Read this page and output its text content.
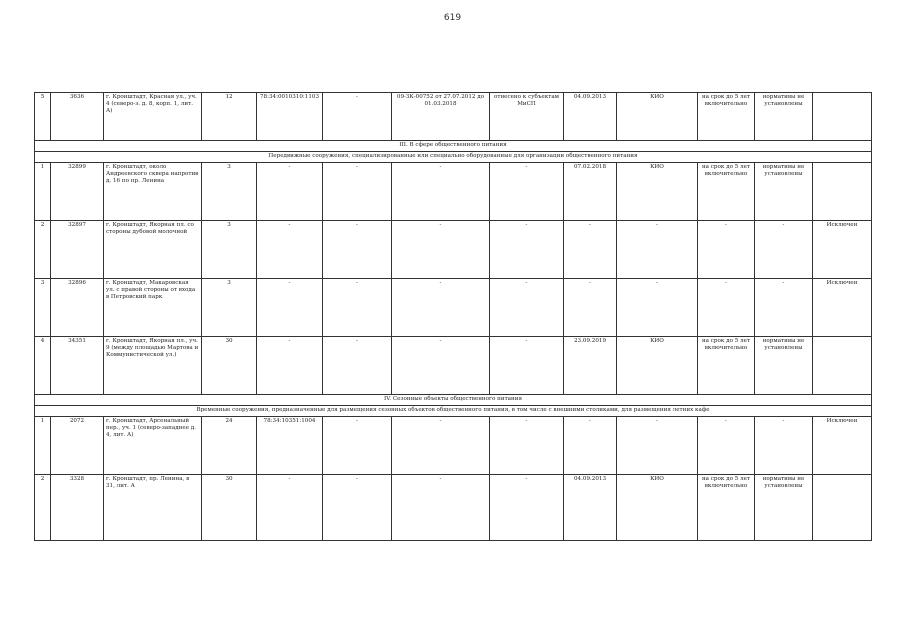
619
5	3636	г. Кронштадт, Красная ул., уч. 4 (северо-з. д. 8, корп. 1, лит. А)	12	78:34:0010310:1103	-	09-ЗК-00752 от 27.07.2012 до 01.03.2018	отнесено к субъектам МиСП	04.09.2013	КИО	на срок до 5 лет включительно	нормативы не установлены	
III. В сфере общественного питания												
Передвижные сооружения, специализированные или специально оборудованные для организации общественного питания												
1	32899	г. Кронштадт, около Андреевского сквера напротив д. 16 по пр. Ленина	3	-	-	-	-	07.02.2018	КИО	на срок до 5 лет включительно	нормативы не установлены	
2	32897	г. Кронштадт, Якорная пл. со стороны дубовой молочной	3	-	-	-	-	-	-	-	-	Исключен
3	32896	г. Кронштадт, Макаровская ул. с правой стороны от входа в Петровский парк	3	-	-	-	-	-	-	-	-	Исключен
4	34351	г. Кронштадт, Якорная пл., уч. 9 (между площадью Мартова и Коммунистической ул.)	30	-	-	-	-	23.09.2019	КИО	на срок до 5 лет включительно	нормативы не установлены	
IV. Сезонные объекты общественного питания												
Временные сооружения, предназначенные для размещения сезонных объектов общественного питания, в том числе с внешними столиками, для размещения летних кафе												
1	2072	г. Кронштадт, Арсенальный пер., уч. 1 (северо-западнее д. 4, лит. А)	24	78:34:10351:1004	-	-	-	-	-	-	-	Исключен
2	3328	г. Кронштадт, пр. Ленина, в 31, лит. А	30	-	-	-	-	04.09.2013	КИО	на срок до 5 лет включительно	нормативы не установлены	
